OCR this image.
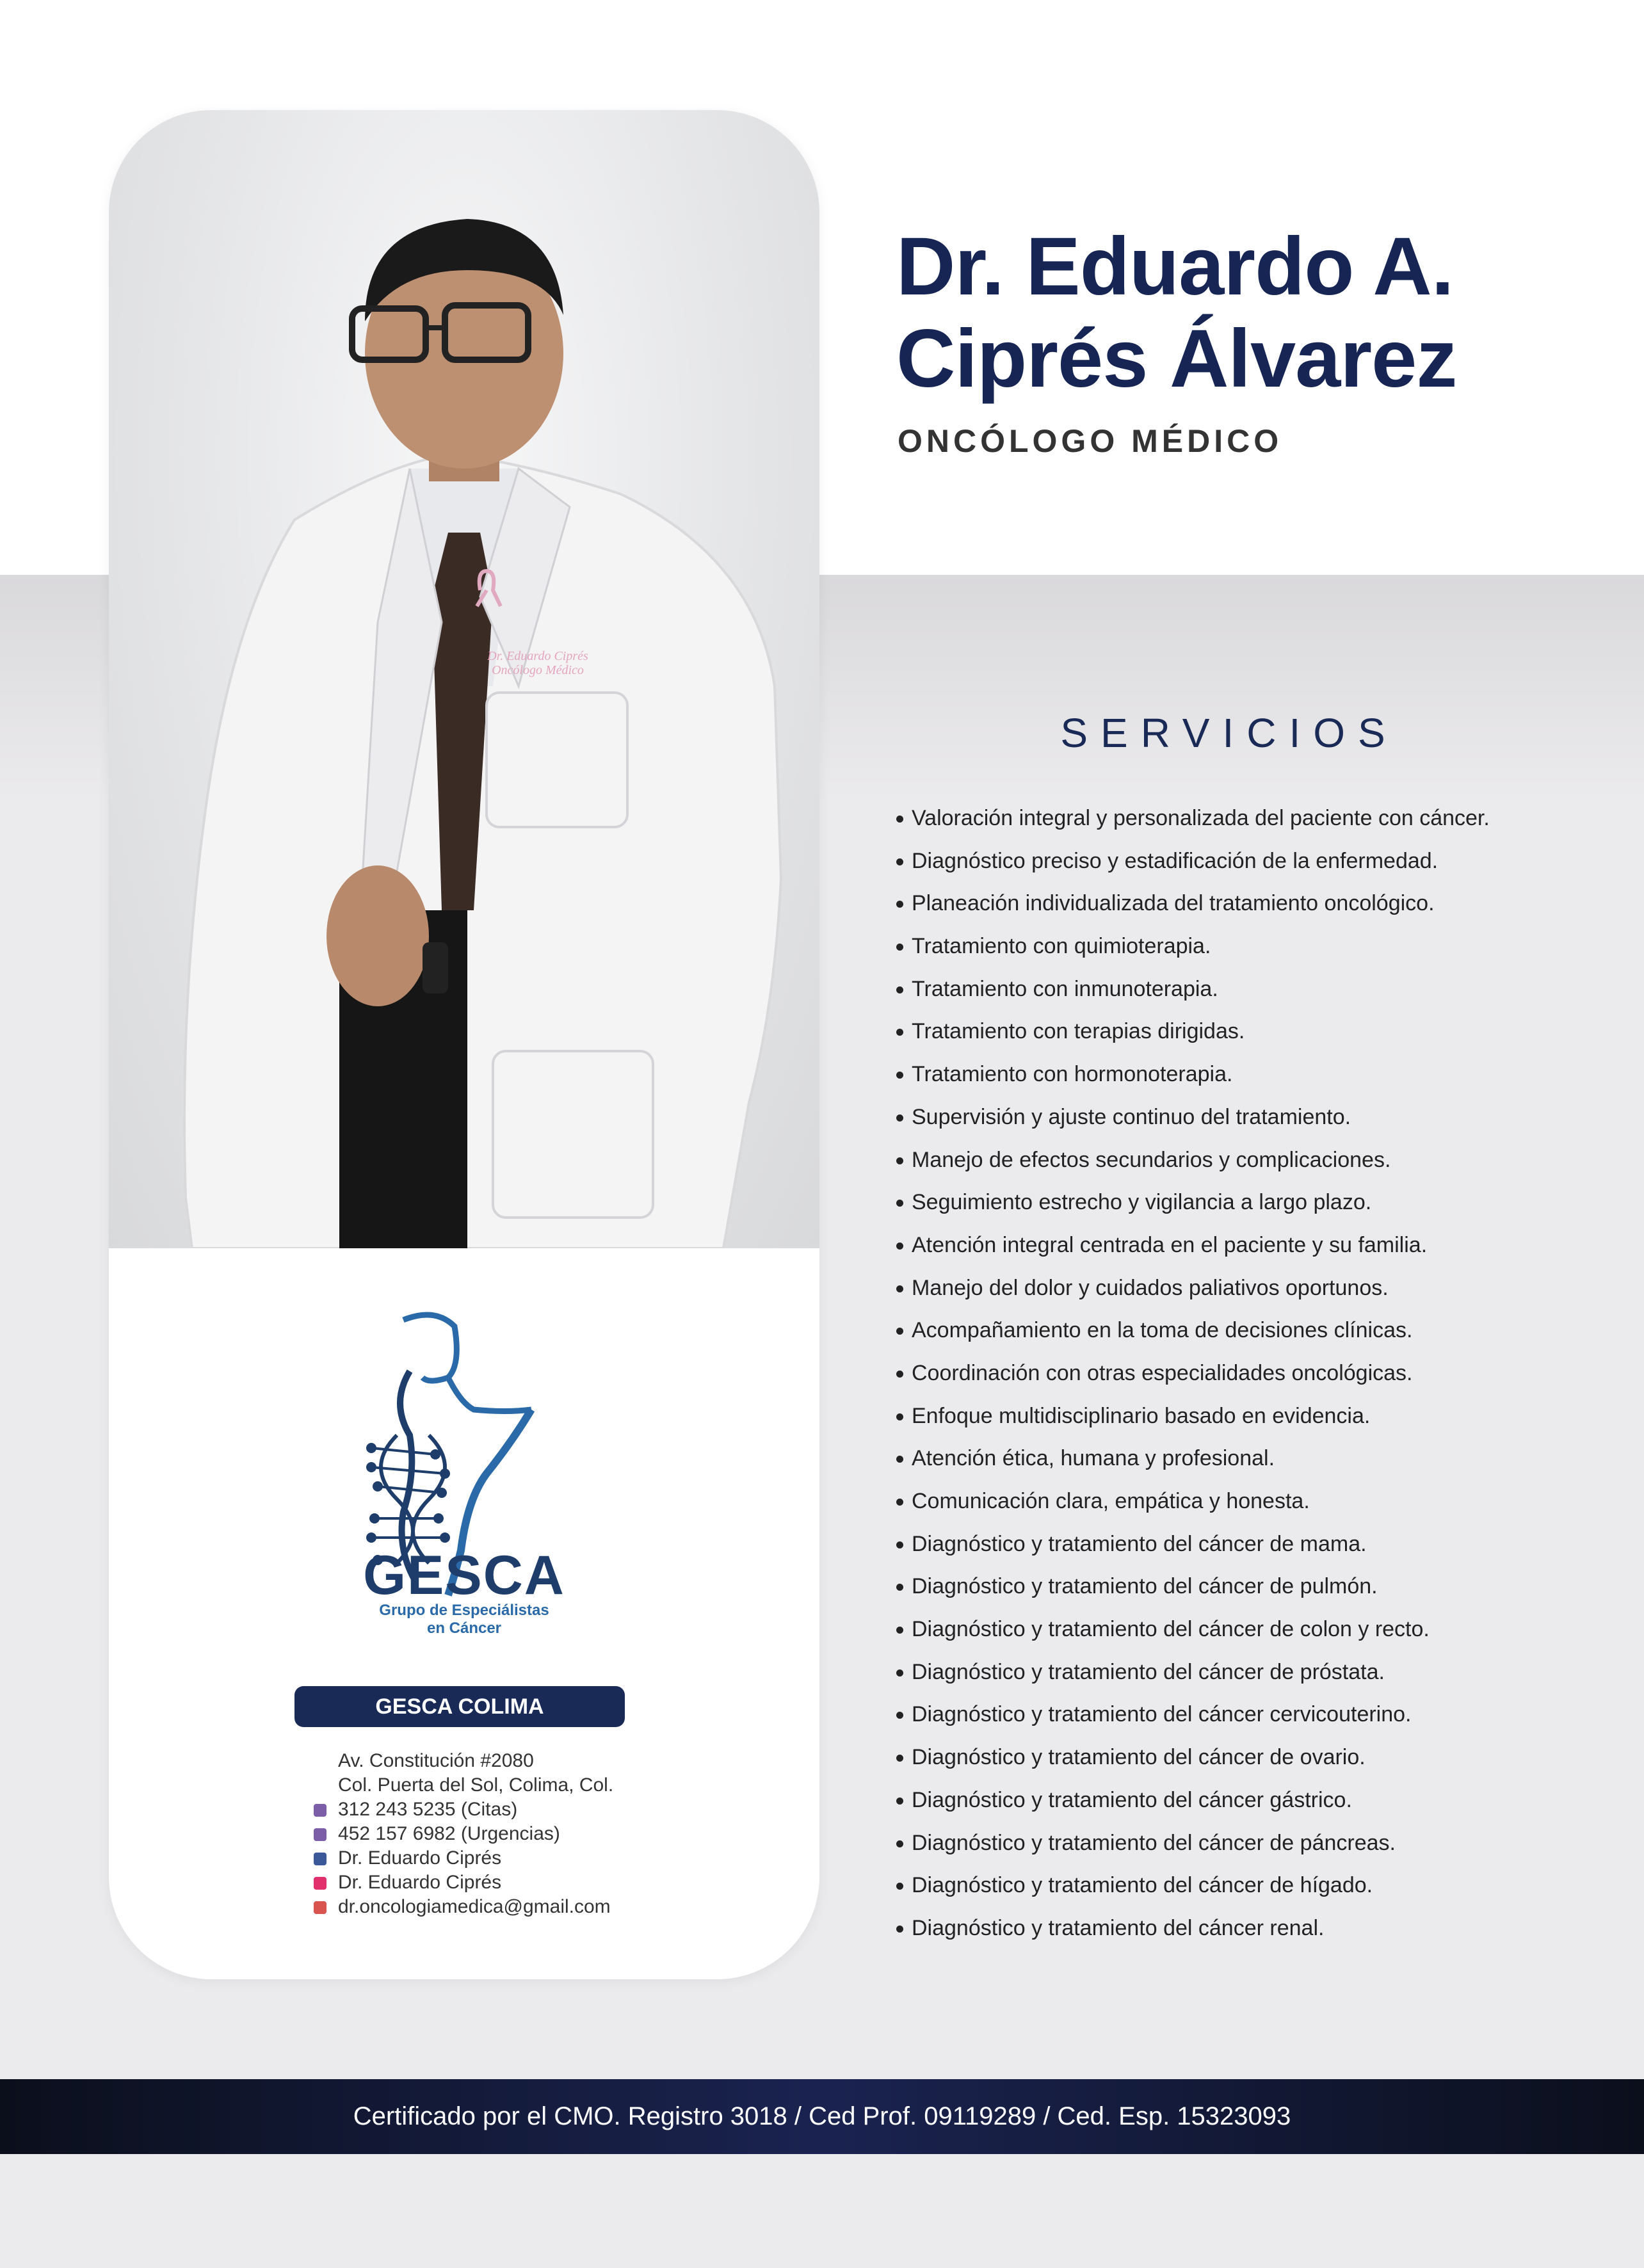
Dr. Eduardo Ciprés
Oncólogo Médico
GESCA
Grupo de Especiálistas
en Cáncer
GESCA COLIMA
Av. Constitución #2080
Col. Puerta del Sol, Colima, Col.
312 243 5235 (Citas)
452 157 6982 (Urgencias)
Dr. Eduardo Ciprés
Dr. Eduardo Ciprés
dr.oncologiamedica@gmail.com
Dr. Eduardo A.
Ciprés Álvarez
ONCÓLOGO MÉDICO
SERVICIOS
Valoración integral y personalizada del paciente con cáncer.
Diagnóstico preciso y estadificación de la enfermedad.
Planeación individualizada del tratamiento oncológico.
Tratamiento con quimioterapia.
Tratamiento con inmunoterapia.
Tratamiento con terapias dirigidas.
Tratamiento con hormonoterapia.
Supervisión y ajuste continuo del tratamiento.
Manejo de efectos secundarios y complicaciones.
Seguimiento estrecho y vigilancia a largo plazo.
Atención integral centrada en el paciente y su familia.
Manejo del dolor y cuidados paliativos oportunos.
Acompañamiento en la toma de decisiones clínicas.
Coordinación con otras especialidades oncológicas.
Enfoque multidisciplinario basado en evidencia.
Atención ética, humana y profesional.
Comunicación clara, empática y honesta.
Diagnóstico y tratamiento del cáncer de mama.
Diagnóstico y tratamiento del cáncer de pulmón.
Diagnóstico y tratamiento del cáncer de colon y recto.
Diagnóstico y tratamiento del cáncer de próstata.
Diagnóstico y tratamiento del cáncer cervicouterino.
Diagnóstico y tratamiento del cáncer de ovario.
Diagnóstico y tratamiento del cáncer gástrico.
Diagnóstico y tratamiento del cáncer de páncreas.
Diagnóstico y tratamiento del cáncer de hígado.
Diagnóstico y tratamiento del cáncer renal.
Certificado por el CMO. Registro 3018 / Ced Prof. 09119289 / Ced. Esp. 15323093
